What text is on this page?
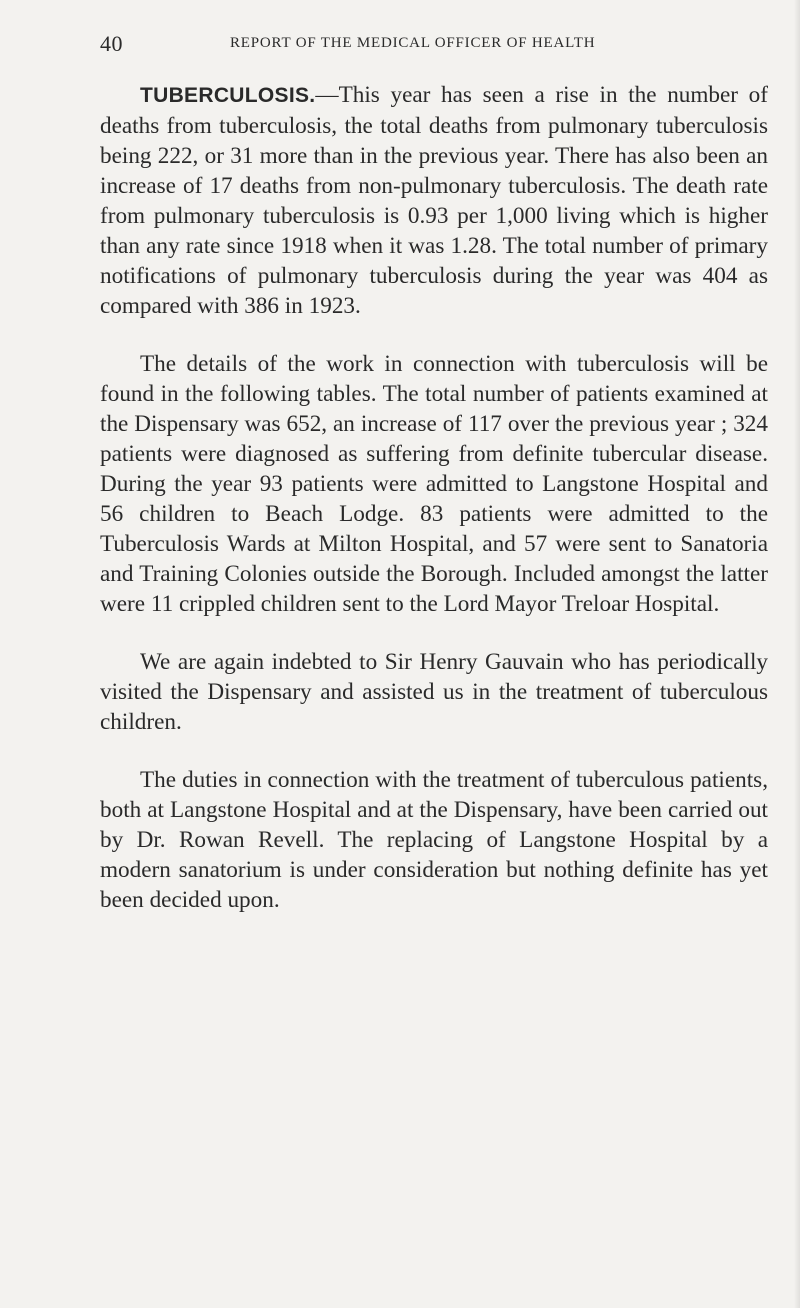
40	REPORT OF THE MEDICAL OFFICER OF HEALTH

TUBERCULOSIS.—This year has seen a rise in the number of deaths from tuberculosis, the total deaths from pulmonary tuberculosis being 222, or 31 more than in the previous year. There has also been an increase of 17 deaths from non-pulmonary tuberculosis. The death rate from pulmonary tuberculosis is 0.93 per 1,000 living which is higher than any rate since 1918 when it was 1.28. The total number of primary notifications of pulmonary tuberculosis during the year was 404 as compared with 386 in 1923.

The details of the work in connection with tuberculosis will be found in the following tables. The total number of patients examined at the Dispensary was 652, an increase of 117 over the previous year ; 324 patients were diagnosed as suffering from definite tubercular disease. During the year 93 patients were admitted to Langstone Hospital and 56 children to Beach Lodge. 83 patients were admitted to the Tuberculosis Wards at Milton Hospital, and 57 were sent to Sanatoria and Training Colonies outside the Borough. Included amongst the latter were 11 crippled children sent to the Lord Mayor Treloar Hospital.

We are again indebted to Sir Henry Gauvain who has periodically visited the Dispensary and assisted us in the treatment of tuberculous children.

The duties in connection with the treatment of tuberculous patients, both at Langstone Hospital and at the Dispensary, have been carried out by Dr. Rowan Revell. The replacing of Langstone Hospital by a modern sanatorium is under consideration but nothing definite has yet been decided upon.
